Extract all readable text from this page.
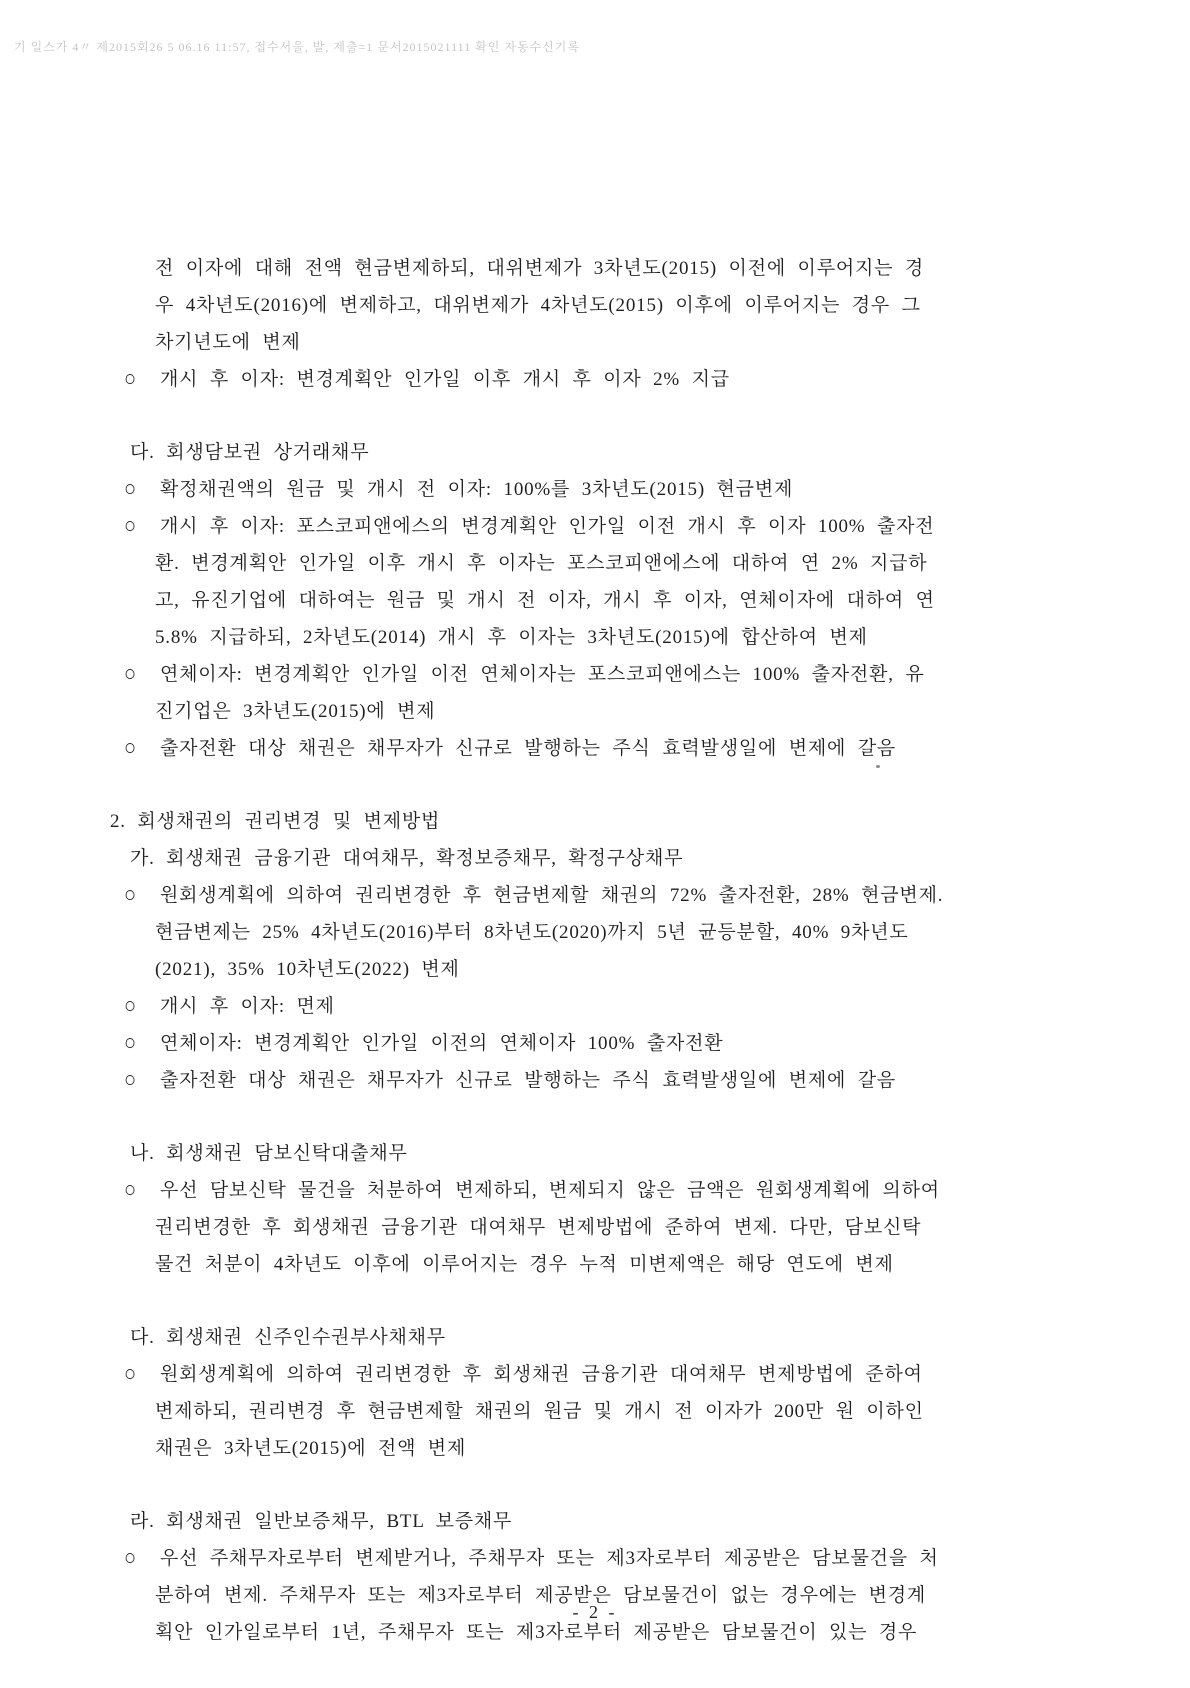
기 일스가 4〃 제2015회26 5 06.16 11:57, 접수서울, 발, 제출=1 문서2015021111 확인 자동수신기록
전 이자에 대해 전액 현금변제하되, 대위변제가 3차년도(2015) 이전에 이루어지는 경
우 4차년도(2016)에 변제하고, 대위변제가 4차년도(2015) 이후에 이루어지는 경우 그
차기년도에 변제
○	개시 후 이자: 변경계획안 인가일 이후 개시 후 이자 2% 지급
다. 회생담보권 상거래채무
○	확정채권액의 원금 및 개시 전 이자: 100%를 3차년도(2015) 현금변제
○	개시 후 이자: 포스코피앤에스의 변경계획안 인가일 이전 개시 후 이자 100% 출자전
환. 변경계획안 인가일 이후 개시 후 이자는 포스코피앤에스에 대하여 연 2% 지급하
고, 유진기업에 대하여는 원금 및 개시 전 이자, 개시 후 이자, 연체이자에 대하여 연
5.8% 지급하되, 2차년도(2014) 개시 후 이자는 3차년도(2015)에 합산하여 변제
○	연체이자: 변경계획안 인가일 이전 연체이자는 포스코피앤에스는 100% 출자전환, 유
진기업은 3차년도(2015)에 변제
○	출자전환 대상 채권은 채무자가 신규로 발행하는 주식 효력발생일에 변제에 갈음
2. 회생채권의 권리변경 및 변제방법
가. 회생채권 금융기관 대여채무, 확정보증채무, 확정구상채무
○	원회생계획에 의하여 권리변경한 후 현금변제할 채권의 72% 출자전환, 28% 현금변제.
현금변제는 25% 4차년도(2016)부터 8차년도(2020)까지 5년 균등분할, 40% 9차년도
(2021), 35% 10차년도(2022) 변제
○	개시 후 이자: 면제
○	연체이자: 변경계획안 인가일 이전의 연체이자 100% 출자전환
○	출자전환 대상 채권은 채무자가 신규로 발행하는 주식 효력발생일에 변제에 갈음
나. 회생채권 담보신탁대출채무
○	우선 담보신탁 물건을 처분하여 변제하되, 변제되지 않은 금액은 원회생계획에 의하여
권리변경한 후 회생채권 금융기관 대여채무 변제방법에 준하여 변제. 다만, 담보신탁
물건 처분이 4차년도 이후에 이루어지는 경우 누적 미변제액은 해당 연도에 변제
다. 회생채권 신주인수권부사채채무
○	원회생계획에 의하여 권리변경한 후 회생채권 금융기관 대여채무 변제방법에 준하여
변제하되, 권리변경 후 현금변제할 채권의 원금 및 개시 전 이자가 200만 원 이하인
채권은 3차년도(2015)에 전액 변제
라. 회생채권 일반보증채무, BTL 보증채무
○	우선 주채무자로부터 변제받거나, 주채무자 또는 제3자로부터 제공받은 담보물건을 처
분하여 변제. 주채무자 또는 제3자로부터 제공받은 담보물건이 없는 경우에는 변경계
획안 인가일로부터 1년, 주채무자 또는 제3자로부터 제공받은 담보물건이 있는 경우
- 2 -
